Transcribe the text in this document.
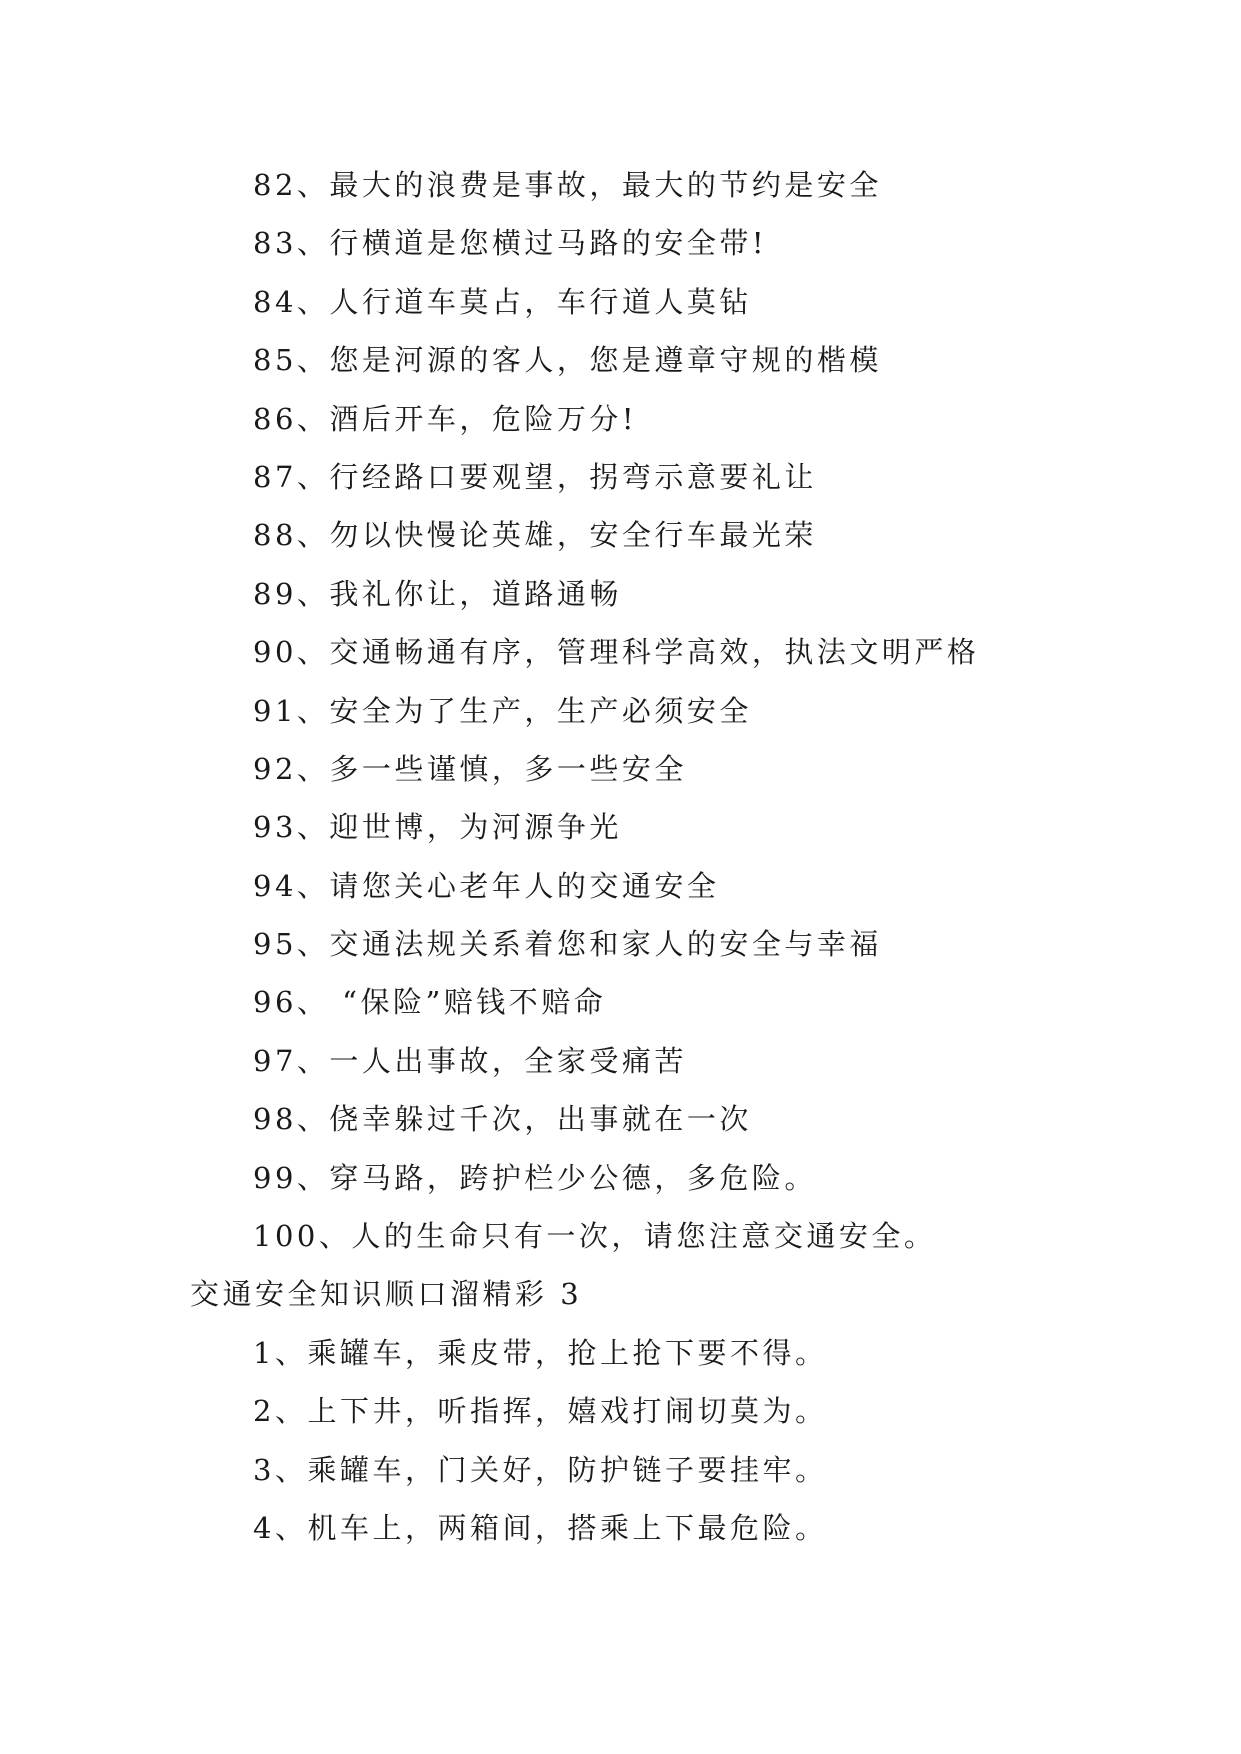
82、最大的浪费是事故，最大的节约是安全
83、行横道是您横过马路的安全带!
84、人行道车莫占，车行道人莫钻
85、您是河源的客人，您是遵章守规的楷模
86、酒后开车，危险万分!
87、行经路口要观望，拐弯示意要礼让
88、勿以快慢论英雄，安全行车最光荣
89、我礼你让，道路通畅
90、交通畅通有序，管理科学高效，执法文明严格
91、安全为了生产，生产必须安全
92、多一些谨慎，多一些安全
93、迎世博，为河源争光
94、请您关心老年人的交通安全
95、交通法规关系着您和家人的安全与幸福
96、 “保险”赔钱不赔命
97、一人出事故，全家受痛苦
98、侥幸躲过千次，出事就在一次
99、穿马路，跨护栏少公德，多危险。
100、人的生命只有一次，请您注意交通安全。
交通安全知识顺口溜精彩 3
1、乘罐车，乘皮带，抢上抢下要不得。
2、上下井，听指挥，嬉戏打闹切莫为。
3、乘罐车，门关好，防护链子要挂牢。
4、机车上，两箱间，搭乘上下最危险。
